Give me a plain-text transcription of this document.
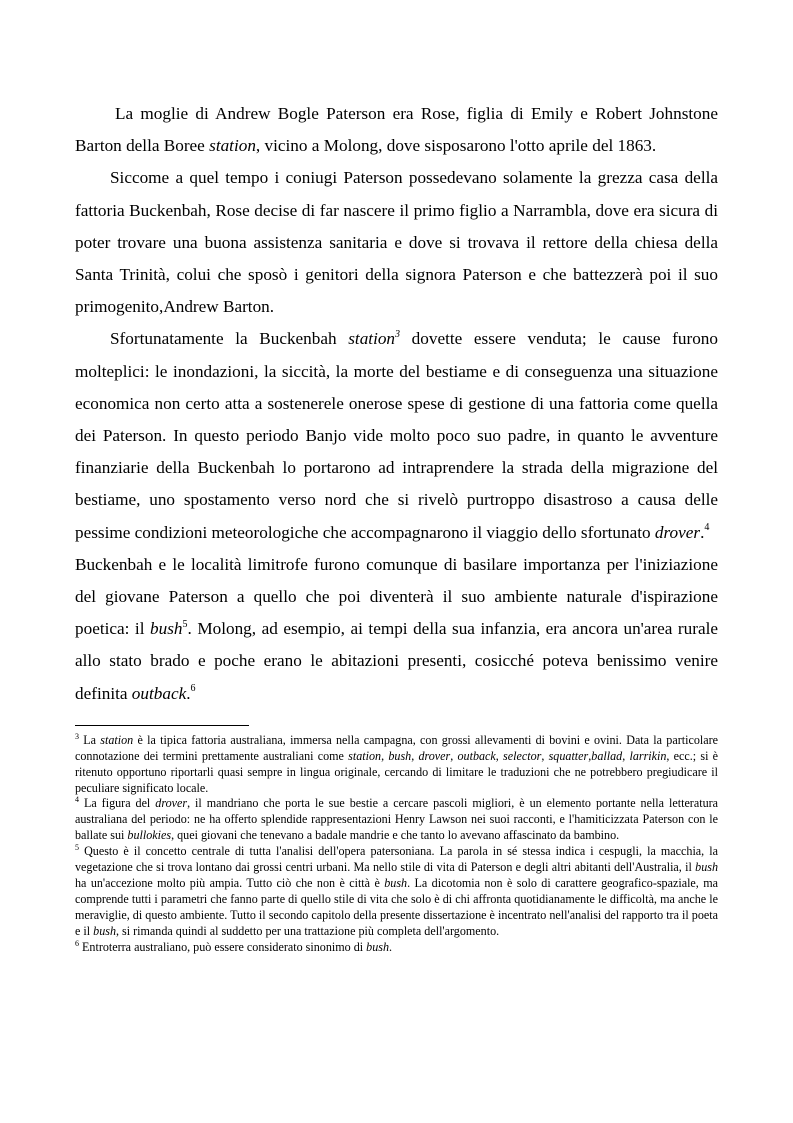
La moglie di Andrew Bogle Paterson era Rose, figlia di Emily e Robert Johnstone Barton della Boree station, vicino a Molong, dove sisposarono l'otto aprile del 1863.

Siccome a quel tempo i coniugi Paterson possedevano solamente la grezza casa della fattoria Buckenbah, Rose decise di far nascere il primo figlio a Narrambla, dove era sicura di poter trovare una buona assistenza sanitaria e dove si trovava il rettore della chiesa della Santa Trinità, colui che sposò i genitori della signora Paterson e che battezzerà poi il suo primogenito,Andrew Barton.

Sfortunatamente la Buckenbah station$^3$ dovette essere venduta; le cause furono molteplici: le inondazioni, la siccità, la morte del bestiame e di conseguenza una situazione economica non certo atta a sostenerele onerose spese di gestione di una fattoria come quella dei Paterson. In questo periodo Banjo vide molto poco suo padre, in quanto le avventure finanziarie della Buckenbah lo portarono ad intraprendere la strada della migrazione del bestiame, uno spostamento verso nord che si rivelò purtroppo disastroso a causa delle pessime condizioni meteorologiche che accompagnarono il viaggio dello sfortunato drover.$^4$

Buckenbah e le località limitrofe furono comunque di basilare importanza per l'iniziazione del giovane Paterson a quello che poi diventerà il suo ambiente naturale d'ispirazione poetica: il bush$^5$. Molong, ad esempio, ai tempi della sua infanzia, era ancora un'area rurale allo stato brado e poche erano le abitazioni presenti, cosicché poteva benissimo venire definita outback.$^6$

$^3$ La station è la tipica fattoria australiana, immersa nella campagna, con grossi allevamenti di bovini e ovini. Data la particolare connotazione dei termini prettamente australiani come station, bush, drover, outback, selector, squatter,ballad, larrikin, ecc.; si è ritenuto opportuno riportarli quasi sempre in lingua originale, cercando di limitare le traduzioni che ne potrebbero pregiudicare il peculiare significato locale.

$^4$ La figura del drover, il mandriano che porta le sue bestie a cercare pascoli migliori, è un elemento portante nella letteratura australiana del periodo: ne ha offerto splendide rappresentazioni Henry Lawson nei suoi racconti, e l'hamiticizzata Paterson con le ballate sui bullokies, quei giovani che tenevano a badale mandrie e che tanto lo avevano affascinato da bambino.

$^5$ Questo è il concetto centrale di tutta l'analisi dell'opera patersoniana. La parola in sé stessa indica i cespugli, la macchia, la vegetazione che si trova lontano dai grossi centri urbani. Ma nello stile di vita di Paterson e degli altri abitanti dell'Australia, il bush ha un'accezione molto più ampia. Tutto ciò che non è città è bush. La dicotomia non è solo di carattere geografico-spaziale, ma comprende tutti i parametri che fanno parte di quello stile di vita che solo è di chi affronta quotidianamente le difficoltà, ma anche le meraviglie, di questo ambiente. Tutto il secondo capitolo della presente dissertazione è incentrato nell'analisi del rapporto tra il poeta e il bush, si rimanda quindi al suddetto per una trattazione più completa dell'argomento.

$^6$ Entroterra australiano, può essere considerato sinonimo di bush.
